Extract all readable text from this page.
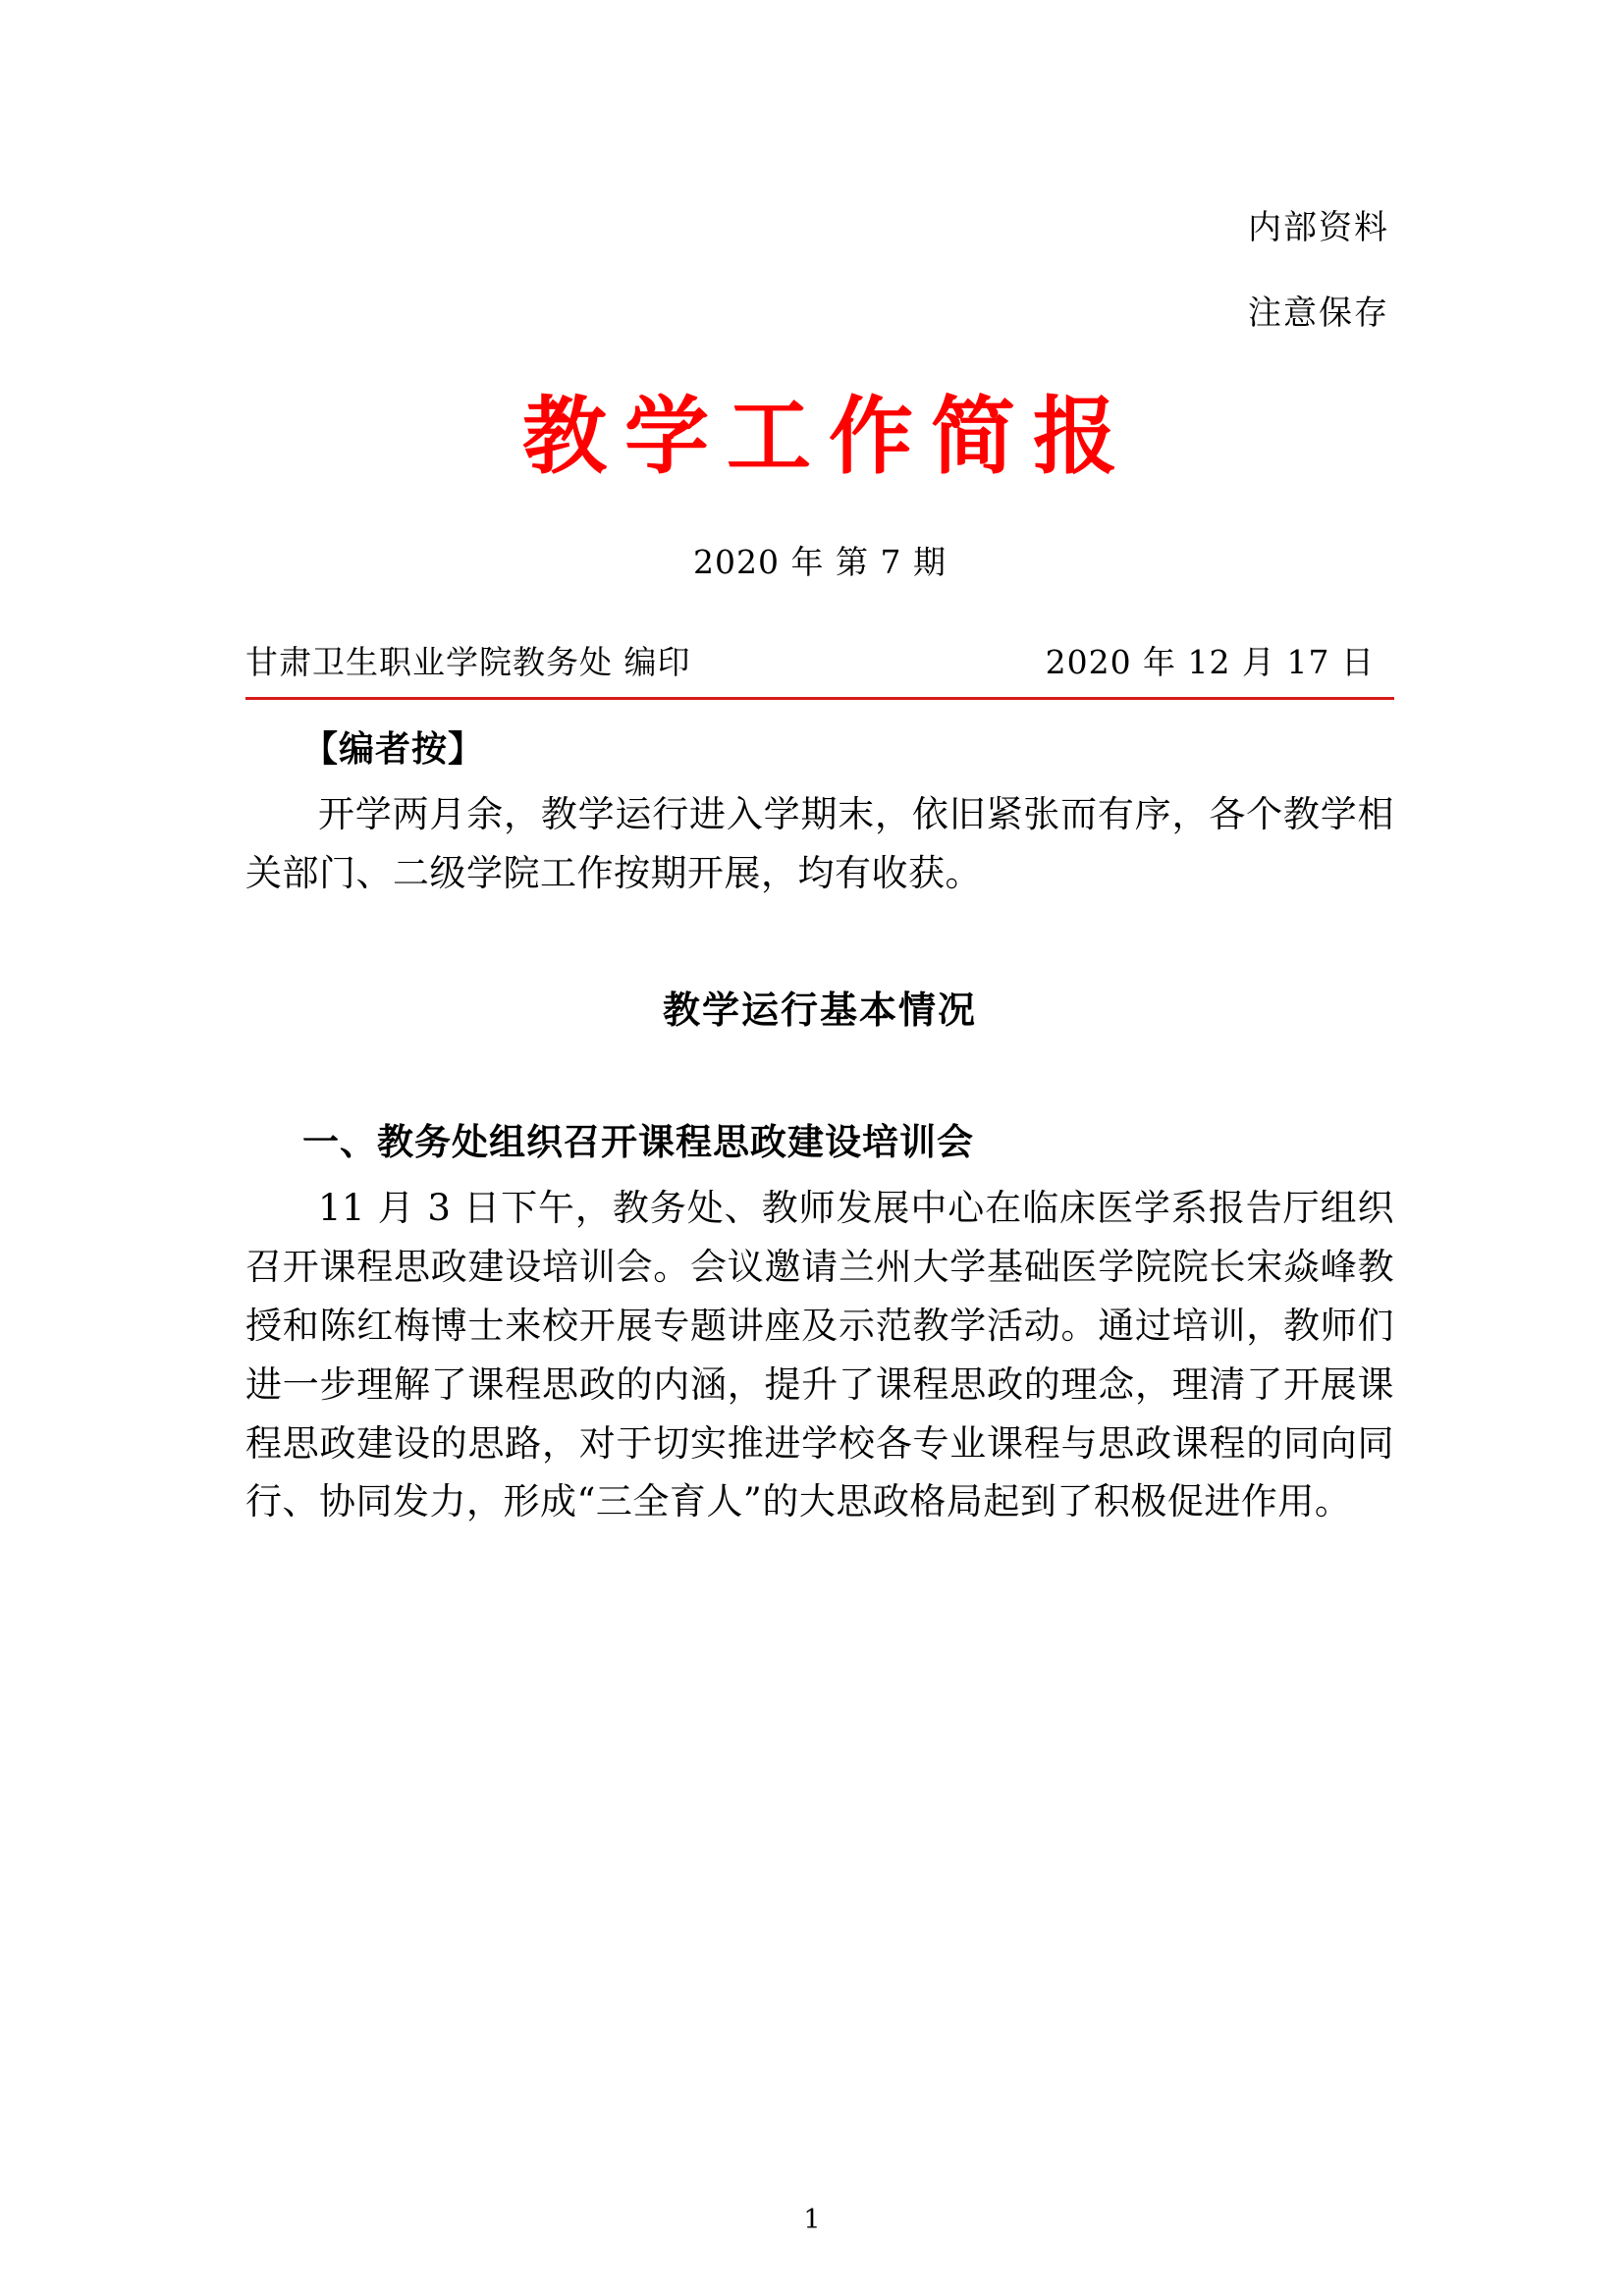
内部资料
注意保存
教学工作简报
2020 年 第 7 期
甘肃卫生职业学院教务处 编印	2020 年 12 月 17 日
【编者按】

开学两月余，教学运行进入学期末，依旧紧张而有序，各个教学相关部门、二级学院工作按期开展，均有收获。

教学运行基本情况
一、教务处组织召开课程思政建设培训会

11 月 3 日下午，教务处、教师发展中心在临床医学系报告厅组织召开课程思政建设培训会。会议邀请兰州大学基础医学院院长宋焱峰教授和陈红梅博士来校开展专题讲座及示范教学活动。通过培训，教师们进一步理解了课程思政的内涵，提升了课程思政的理念，理清了开展课程思政建设的思路，对于切实推进学校各专业课程与思政课程的同向同行、协同发力，形成“三全育人”的大思政格局起到了积极促进作用。

1
